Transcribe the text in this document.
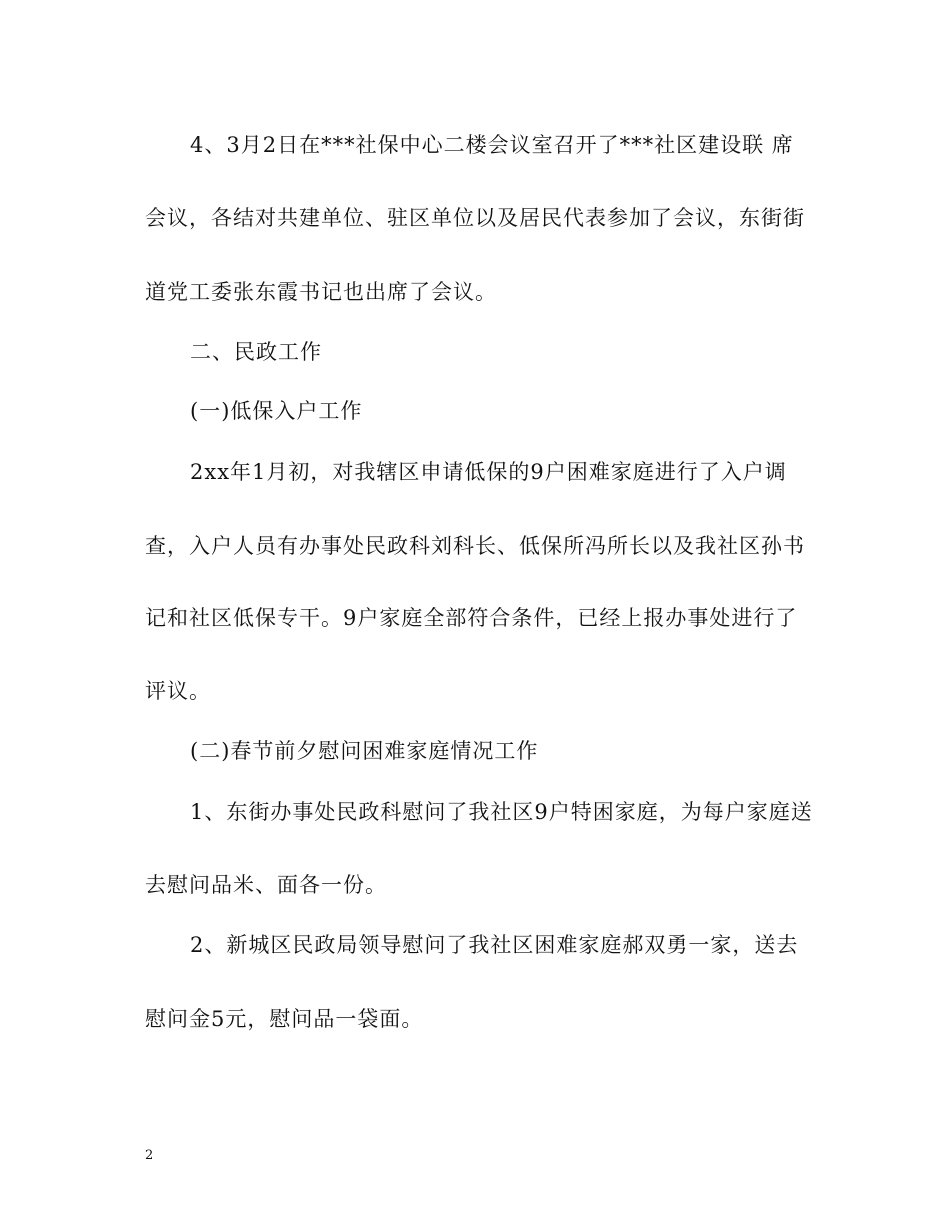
4、3月2日在***社保中心二楼会议室召开了***社区建设联 席
会议，各结对共建单位、驻区单位以及居民代表参加了会议，东街街
道党工委张东霞书记也出席了会议。
二、民政工作
(一)低保入户工作
2xx年1月初，对我辖区申请低保的9户困难家庭进行了入户调
查，入户人员有办事处民政科刘科长、低保所冯所长以及我社区孙书
记和社区低保专干。9户家庭全部符合条件，已经上报办事处进行了
评议。
(二)春节前夕慰问困难家庭情况工作
1、东街办事处民政科慰问了我社区9户特困家庭，为每户家庭送
去慰问品米、面各一份。
2、新城区民政局领导慰问了我社区困难家庭郝双勇一家，送去
慰问金5元，慰问品一袋面。
2
